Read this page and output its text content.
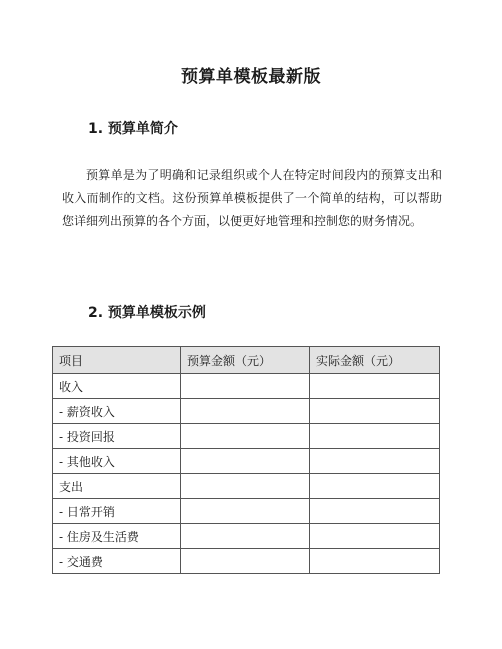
预算单模板最新版
1. 预算单简介

预算单是为了明确和记录组织或个人在特定时间段内的预算支出和收入而制作的文档。这份预算单模板提供了一个简单的结构，可以帮助您详细列出预算的各个方面，以便更好地管理和控制您的财务情况。

2. 预算单模板示例
项目	预算金额（元）	实际金额（元）
收入		
- 薪资收入		
- 投资回报		
- 其他收入		
支出		
- 日常开销		
- 住房及生活费		
- 交通费		
